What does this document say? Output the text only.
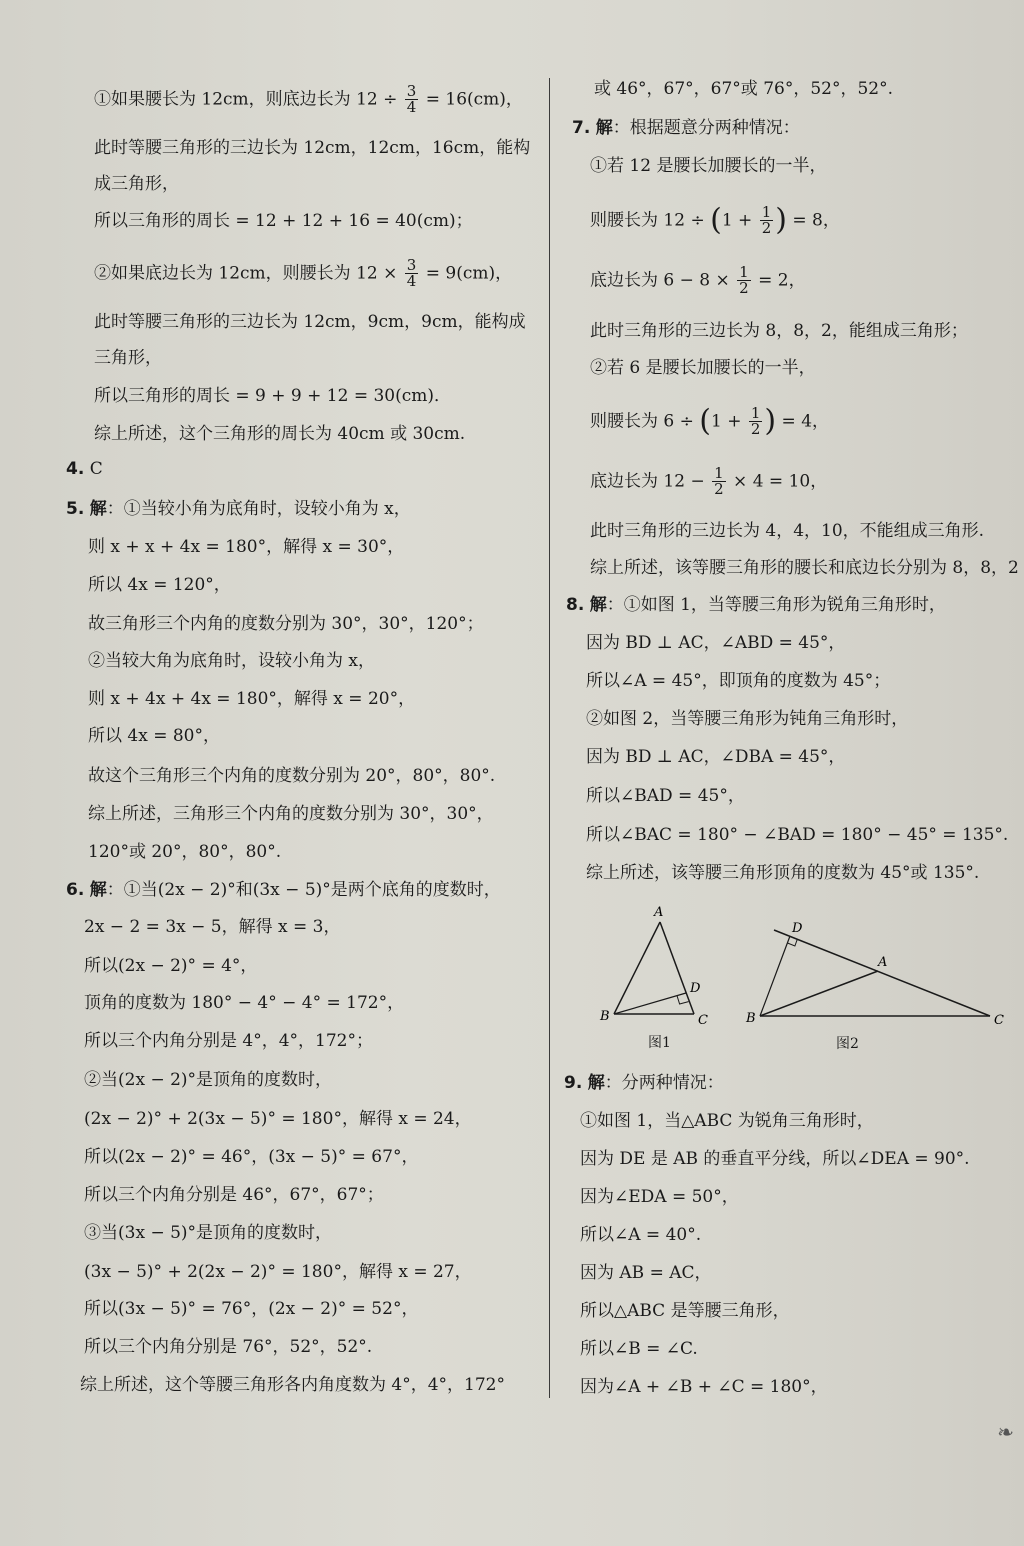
①如果腰长为 12cm，则底边长为 $12 \div \frac{3}{4} = 16(cm)$，
此时等腰三角形的三边长为 12cm，12cm，16cm，能构
成三角形，
所以三角形的周长 = 12 + 12 + 16 = 40(cm)；
②如果底边长为 12cm，则腰长为 $12 \times \frac{3}{4} = 9(cm)$，
此时等腰三角形的三边长为 12cm，9cm，9cm，能构成
三角形，
所以三角形的周长 = 9 + 9 + 12 = 30(cm)．
综上所述，这个三角形的周长为 40cm 或 30cm.
4. C
5. 解：①当较小角为底角时，设较小角为 x，
则 x + x + 4x = 180°，解得 x = 30°，
所以 4x = 120°，
故三角形三个内角的度数分别为 30°，30°，120°；
②当较大角为底角时，设较小角为 x，
则 x + 4x + 4x = 180°，解得 x = 20°，
所以 4x = 80°，
故这个三角形三个内角的度数分别为 20°，80°，80°.
综上所述，三角形三个内角的度数分别为 30°，30°，
120°或 20°，80°，80°.
6. 解：①当(2x − 2)°和(3x − 5)°是两个底角的度数时，
2x − 2 = 3x − 5，解得 x = 3，
所以(2x − 2)° = 4°，
顶角的度数为 180° − 4° − 4° = 172°，
所以三个内角分别是 4°，4°，172°；
②当(2x − 2)°是顶角的度数时，
(2x − 2)° + 2(3x − 5)° = 180°，解得 x = 24，
所以(2x − 2)° = 46°，(3x − 5)° = 67°，
所以三个内角分别是 46°，67°，67°；
③当(3x − 5)°是顶角的度数时，
(3x − 5)° + 2(2x − 2)° = 180°，解得 x = 27，
所以(3x − 5)° = 76°，(2x − 2)° = 52°，
所以三个内角分别是 76°，52°，52°.
综上所述，这个等腰三角形各内角度数为 4°，4°，172°
或 46°，67°，67°或 76°，52°，52°.
7. 解：根据题意分两种情况：
①若 12 是腰长加腰长的一半，
则腰长为 $12 \div (1 + \frac{1}{2}$ ) = 8，
底边长为 $6 - 8 \times \frac{1}{2} = 2$，
此时三角形的三边长为 8，8，2，能组成三角形；
②若 6 是腰长加腰长的一半，
则腰长为 $6 \div (1 + \frac{1}{2}$ ) = 4，
底边长为 $12 - \frac{1}{2} \times 4 = 10$，
此时三角形的三边长为 4，4，10，不能组成三角形.
综上所述，该等腰三角形的腰长和底边长分别为 8，8，2
8. 解：①如图 1，当等腰三角形为锐角三角形时，
因为 BD ⊥ AC，∠ABD = 45°，
所以∠A = 45°，即顶角的度数为 45°；
②如图 2，当等腰三角形为钝角三角形时，
因为 BD ⊥ AC，∠DBA = 45°，
所以∠BAD = 45°，
所以∠BAC = 180° − ∠BAD = 180° − 45° = 135°.
综上所述，该等腰三角形顶角的度数为 45°或 135°.
A
B	C
D
图1
A
B	C
D
图2
9. 解：分两种情况：
①如图 1，当△ABC 为锐角三角形时，
因为 DE 是 AB 的垂直平分线，所以∠DEA = 90°.
因为∠EDA = 50°，
所以∠A = 40°.
因为 AB = AC，
所以△ABC 是等腰三角形，
所以∠B = ∠C.
因为∠A + ∠B + ∠C = 180°，
❧
